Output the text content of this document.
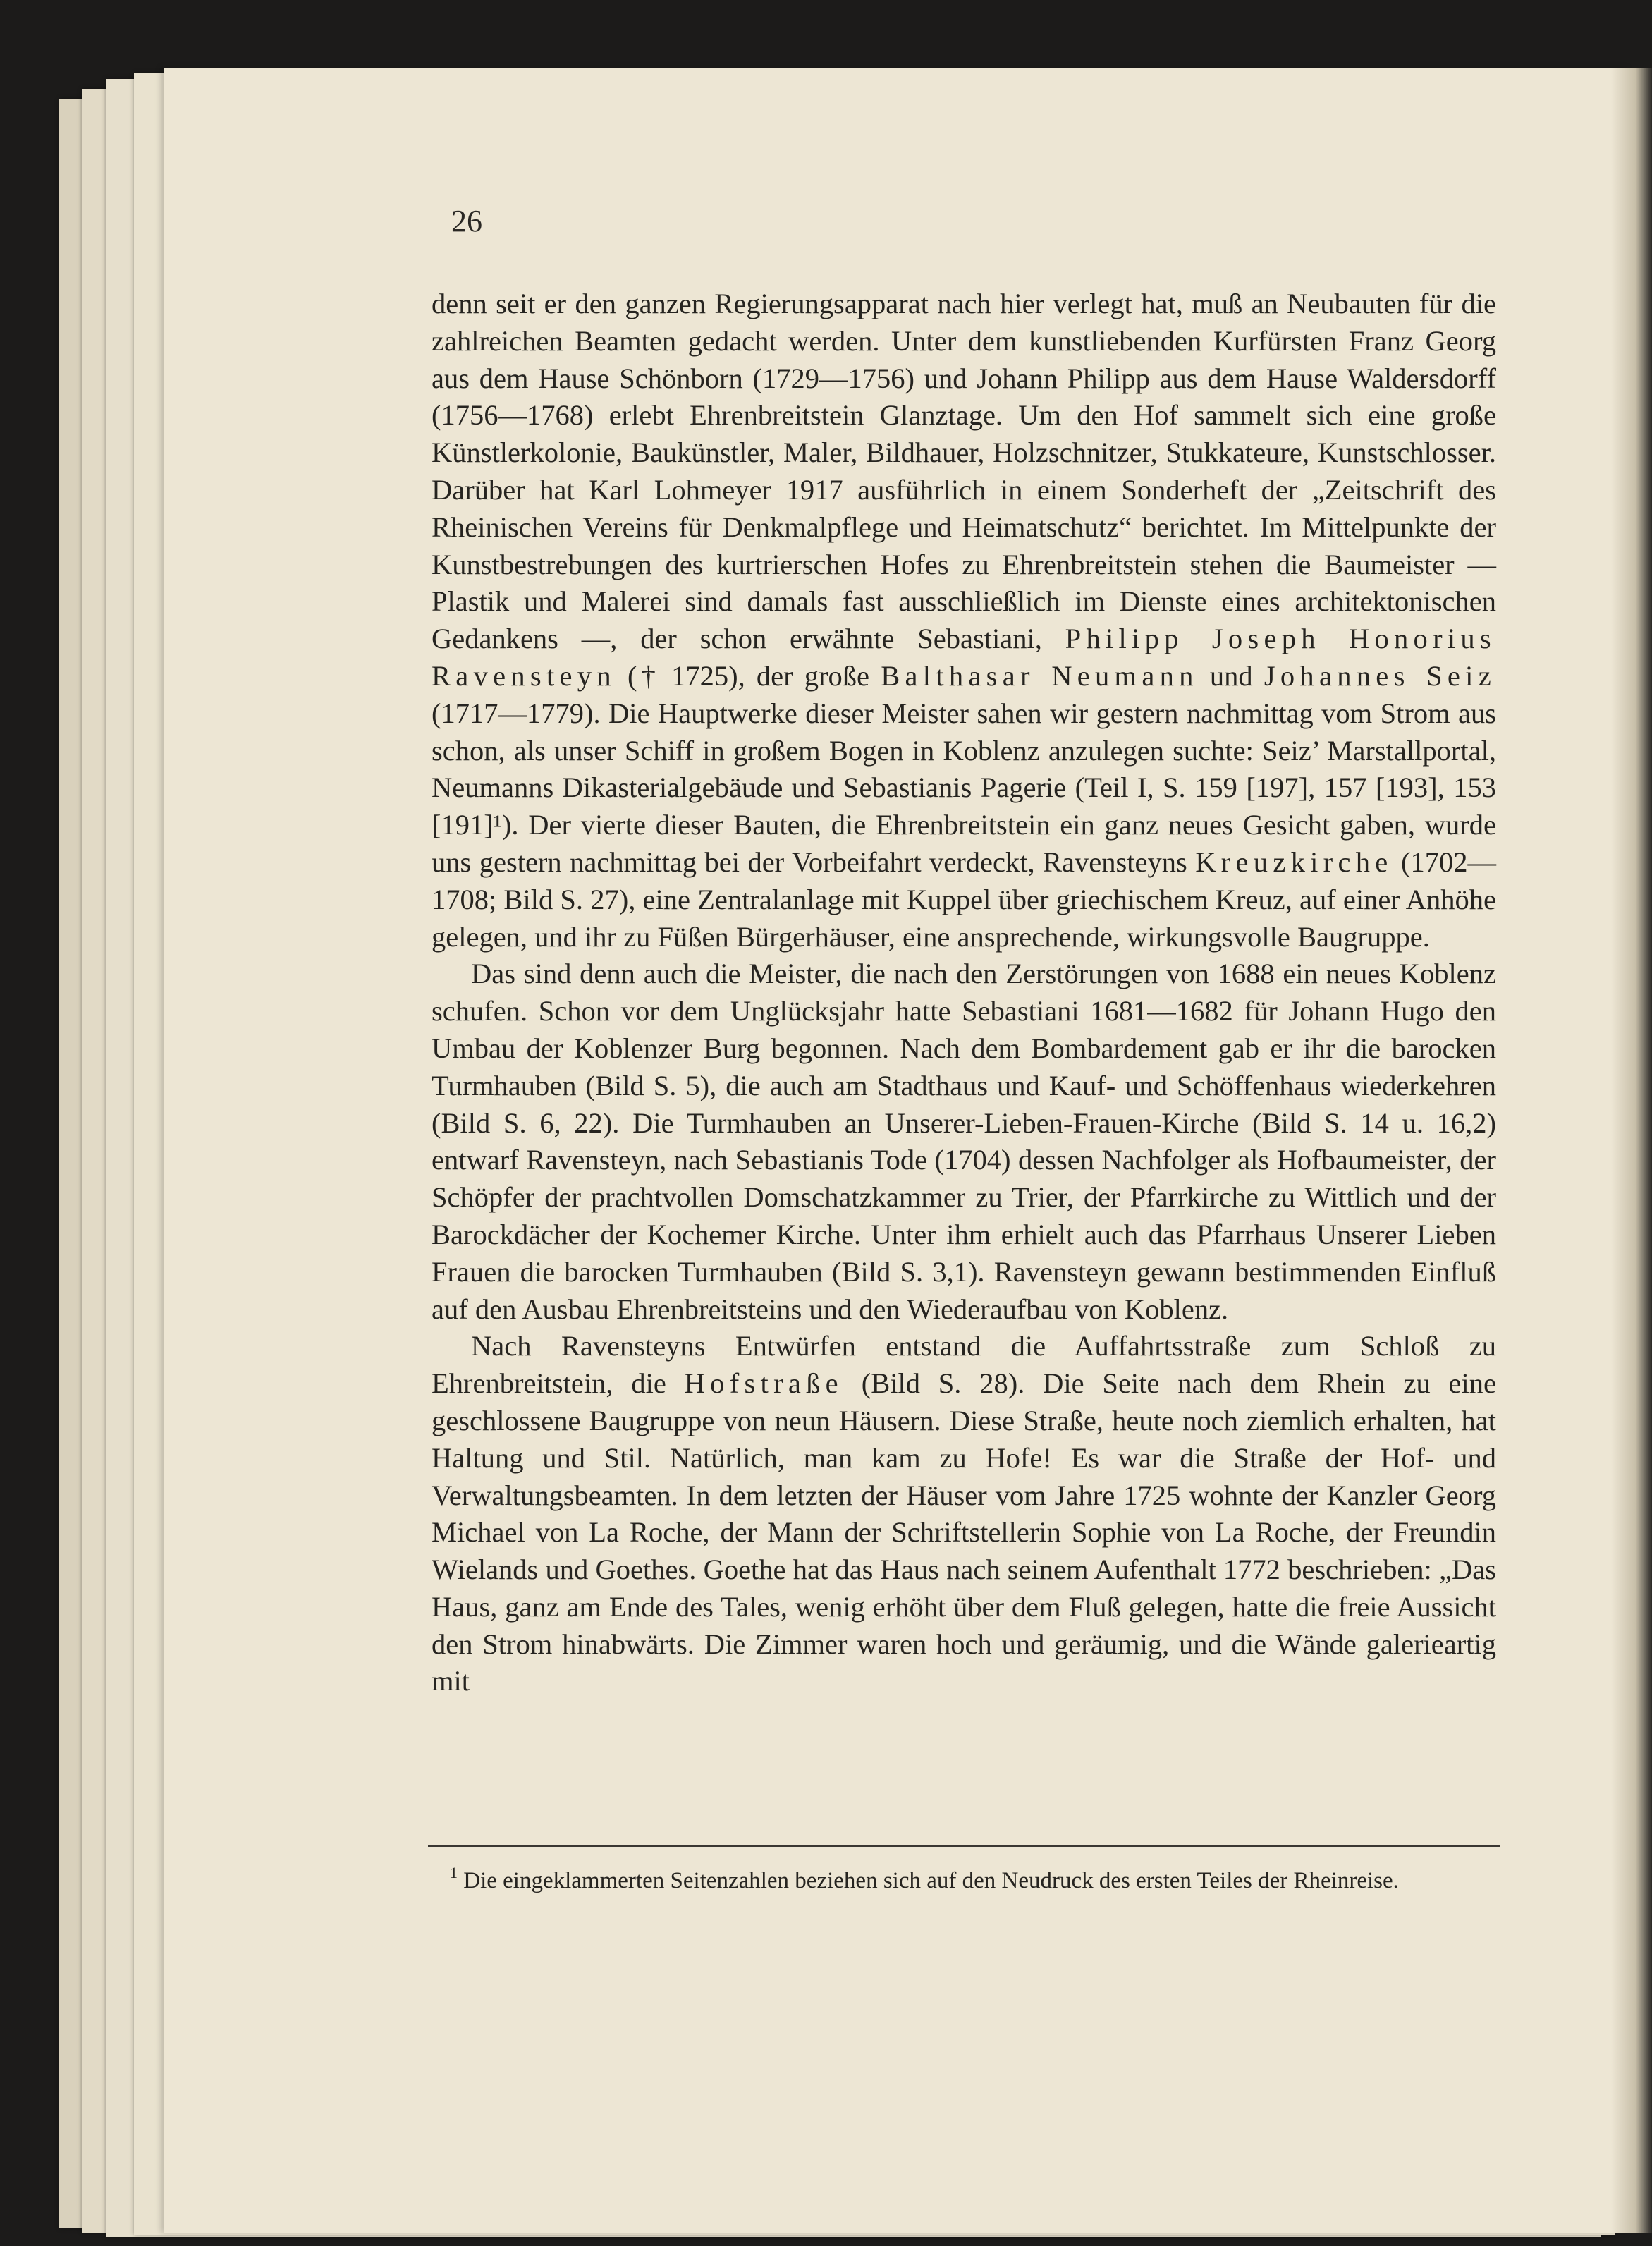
26

denn seit er den ganzen Regierungsapparat nach hier verlegt hat, muß an Neubauten für die zahlreichen Beamten gedacht werden. Unter dem kunstliebenden Kurfürsten Franz Georg aus dem Hause Schönborn (1729—1756) und Johann Philipp aus dem Hause Waldersdorff (1756—1768) erlebt Ehrenbreitstein Glanztage. Um den Hof sammelt sich eine große Künstlerkolonie, Baukünstler, Maler, Bildhauer, Holzschnitzer, Stukkateure, Kunstschlosser. Darüber hat Karl Lohmeyer 1917 ausführlich in einem Sonderheft der „Zeitschrift des Rheinischen Vereins für Denkmalpflege und Heimatschutz“ berichtet. Im Mittelpunkte der Kunstbestrebungen des kurtrierschen Hofes zu Ehrenbreitstein stehen die Baumeister — Plastik und Malerei sind damals fast ausschließlich im Dienste eines architektonischen Gedankens —, der schon erwähnte Sebastiani, Philipp Joseph Honorius Ravensteyn († 1725), der große Balthasar Neumann und Johannes Seiz (1717—1779). Die Hauptwerke dieser Meister sahen wir gestern nachmittag vom Strom aus schon, als unser Schiff in großem Bogen in Koblenz anzulegen suchte: Seiz’ Marstallportal, Neumanns Dikasterialgebäude und Sebastianis Pagerie (Teil I, S. 159 [197], 157 [193], 153 [191]¹). Der vierte dieser Bauten, die Ehrenbreitstein ein ganz neues Gesicht gaben, wurde uns gestern nachmittag bei der Vorbeifahrt verdeckt, Ravensteyns Kreuzkirche (1702—1708; Bild S. 27), eine Zentralanlage mit Kuppel über griechischem Kreuz, auf einer Anhöhe gelegen, und ihr zu Füßen Bürgerhäuser, eine ansprechende, wirkungsvolle Baugruppe.

Das sind denn auch die Meister, die nach den Zerstörungen von 1688 ein neues Koblenz schufen. Schon vor dem Unglücksjahr hatte Sebastiani 1681—1682 für Johann Hugo den Umbau der Koblenzer Burg begonnen. Nach dem Bombardement gab er ihr die barocken Turmhauben (Bild S. 5), die auch am Stadthaus und Kauf- und Schöffenhaus wiederkehren (Bild S. 6, 22). Die Turmhauben an Unserer-Lieben-Frauen-Kirche (Bild S. 14 u. 16,2) entwarf Ravensteyn, nach Sebastianis Tode (1704) dessen Nachfolger als Hofbaumeister, der Schöpfer der prachtvollen Domschatzkammer zu Trier, der Pfarrkirche zu Wittlich und der Barockdächer der Kochemer Kirche. Unter ihm erhielt auch das Pfarrhaus Unserer Lieben Frauen die barocken Turmhauben (Bild S. 3,1). Ravensteyn gewann bestimmenden Einfluß auf den Ausbau Ehrenbreitsteins und den Wiederaufbau von Koblenz.

Nach Ravensteyns Entwürfen entstand die Auffahrtsstraße zum Schloß zu Ehrenbreitstein, die Hofstraße (Bild S. 28). Die Seite nach dem Rhein zu eine geschlossene Baugruppe von neun Häusern. Diese Straße, heute noch ziemlich erhalten, hat Haltung und Stil. Natürlich, man kam zu Hofe! Es war die Straße der Hof- und Verwaltungsbeamten. In dem letzten der Häuser vom Jahre 1725 wohnte der Kanzler Georg Michael von La Roche, der Mann der Schriftstellerin Sophie von La Roche, der Freundin Wielands und Goethes. Goethe hat das Haus nach seinem Aufenthalt 1772 beschrieben: „Das Haus, ganz am Ende des Tales, wenig erhöht über dem Fluß gelegen, hatte die freie Aussicht den Strom hinabwärts. Die Zimmer waren hoch und geräumig, und die Wände galerieartig mit

$^1$ Die eingeklammerten Seitenzahlen beziehen sich auf den Neudruck des ersten Teiles der Rheinreise.
